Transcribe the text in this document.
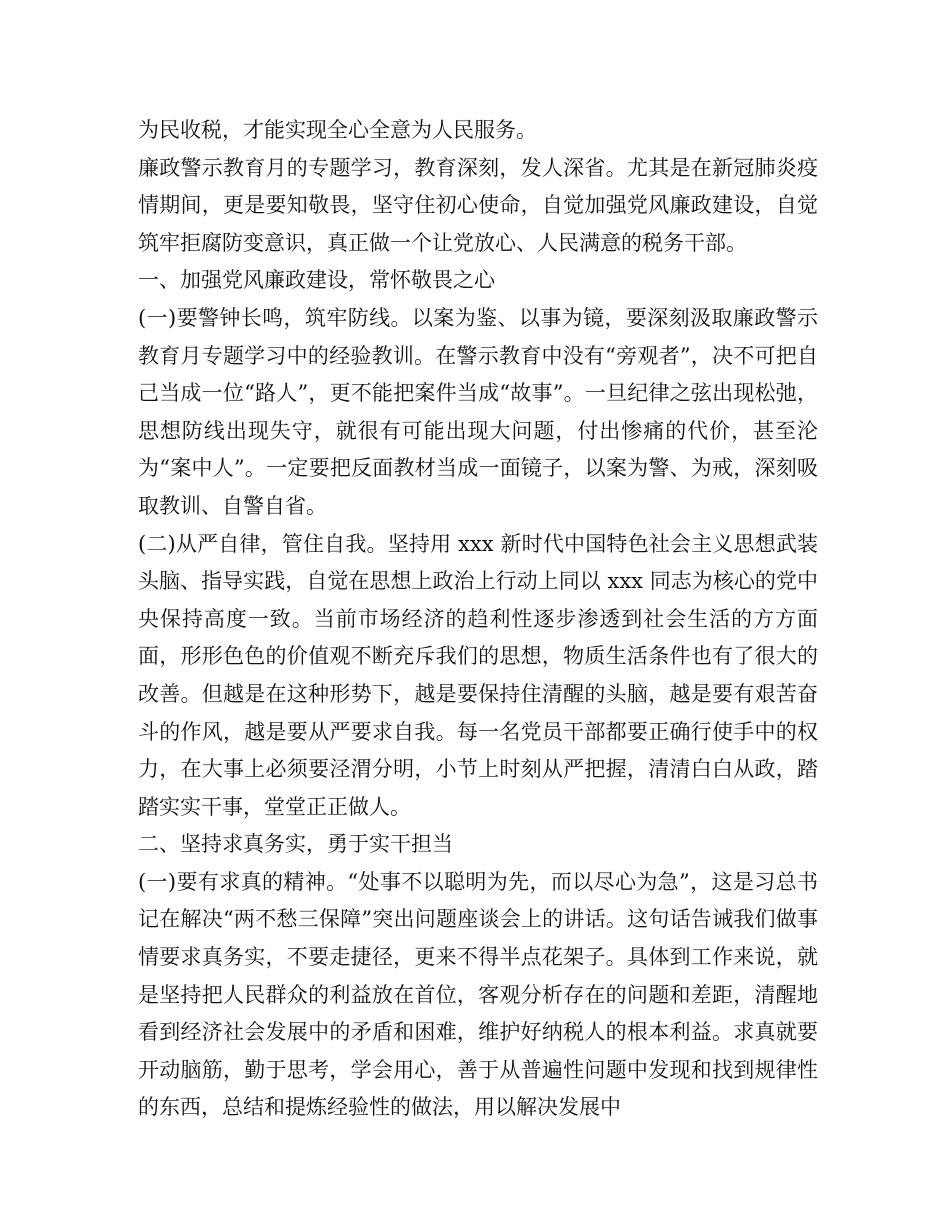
为民收税，才能实现全心全意为人民服务。

廉政警示教育月的专题学习，教育深刻，发人深省。尤其是在新冠肺炎疫情期间，更是要知敬畏，坚守住初心使命，自觉加强党风廉政建设，自觉筑牢拒腐防变意识，真正做一个让党放心、人民满意的税务干部。

一、加强党风廉政建设，常怀敬畏之心

(一)要警钟长鸣，筑牢防线。以案为鉴、以事为镜，要深刻汲取廉政警示教育月专题学习中的经验教训。在警示教育中没有“旁观者”，决不可把自己当成一位“路人”，更不能把案件当成“故事”。一旦纪律之弦出现松弛，思想防线出现失守，就很有可能出现大问题，付出惨痛的代价，甚至沦为“案中人”。一定要把反面教材当成一面镜子，以案为警、为戒，深刻吸取教训、自警自省。

(二)从严自律，管住自我。坚持用 xxx 新时代中国特色社会主义思想武装头脑、指导实践，自觉在思想上政治上行动上同以 xxx 同志为核心的党中央保持高度一致。当前市场经济的趋利性逐步渗透到社会生活的方方面面，形形色色的价值观不断充斥我们的思想，物质生活条件也有了很大的改善。但越是在这种形势下，越是要保持住清醒的头脑，越是要有艰苦奋斗的作风，越是要从严要求自我。每一名党员干部都要正确行使手中的权力，在大事上必须要泾渭分明，小节上时刻从严把握，清清白白从政，踏踏实实干事，堂堂正正做人。

二、坚持求真务实，勇于实干担当

(一)要有求真的精神。“处事不以聪明为先，而以尽心为急”，这是习总书记在解决“两不愁三保障”突出问题座谈会上的讲话。这句话告诫我们做事情要求真务实，不要走捷径，更来不得半点花架子。具体到工作来说，就是坚持把人民群众的利益放在首位，客观分析存在的问题和差距，清醒地看到经济社会发展中的矛盾和困难，维护好纳税人的根本利益。求真就要开动脑筋，勤于思考，学会用心，善于从普遍性问题中发现和找到规律性的东西，总结和提炼经验性的做法，用以解决发展中
